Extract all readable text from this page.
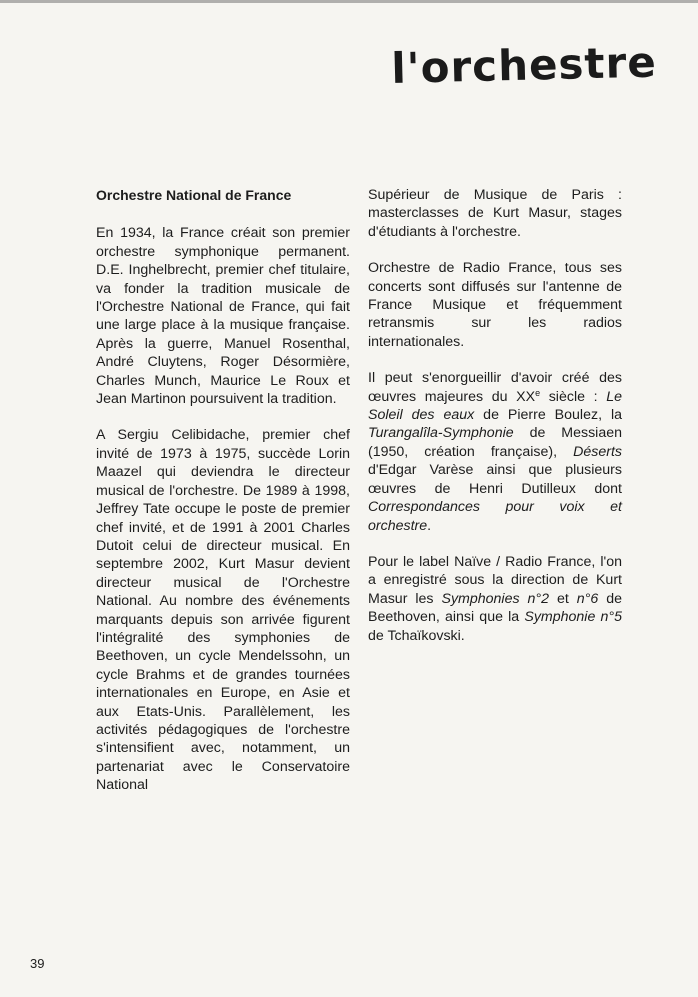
l'orchestre

Orchestre National de France

En 1934, la France créait son premier orchestre symphonique permanent. D.E. Inghelbrecht, premier chef titulaire, va fonder la tradition musicale de l'Orchestre National de France, qui fait une large place à la musique française. Après la guerre, Manuel Rosenthal, André Cluytens, Roger Désormière, Charles Munch, Maurice Le Roux et Jean Martinon poursuivent la tradition.

A Sergiu Celibidache, premier chef invité de 1973 à 1975, succède Lorin Maazel qui deviendra le directeur musical de l'orchestre. De 1989 à 1998, Jeffrey Tate occupe le poste de premier chef invité, et de 1991 à 2001 Charles Dutoit celui de directeur musical. En septembre 2002, Kurt Masur devient directeur musical de l'Orchestre National. Au nombre des événements marquants depuis son arrivée figurent l'intégralité des symphonies de Beethoven, un cycle Mendelssohn, un cycle Brahms et de grandes tournées internationales en Europe, en Asie et aux Etats-Unis. Parallèlement, les activités pédagogiques de l'orchestre s'intensifient avec, notamment, un partenariat avec le Conservatoire National

Supérieur de Musique de Paris : masterclasses de Kurt Masur, stages d'étudiants à l'orchestre.

Orchestre de Radio France, tous ses concerts sont diffusés sur l'antenne de France Musique et fréquemment retransmis sur les radios internationales.

Il peut s'enorgueillir d'avoir créé des œuvres majeures du XXe siècle : Le Soleil des eaux de Pierre Boulez, la Turangalîla-Symphonie de Messiaen (1950, création française), Déserts d'Edgar Varèse ainsi que plusieurs œuvres de Henri Dutilleux dont Correspondances pour voix et orchestre.

Pour le label Naïve / Radio France, l'on a enregistré sous la direction de Kurt Masur les Symphonies n°2 et n°6 de Beethoven, ainsi que la Symphonie n°5 de Tchaïkovski.

39
